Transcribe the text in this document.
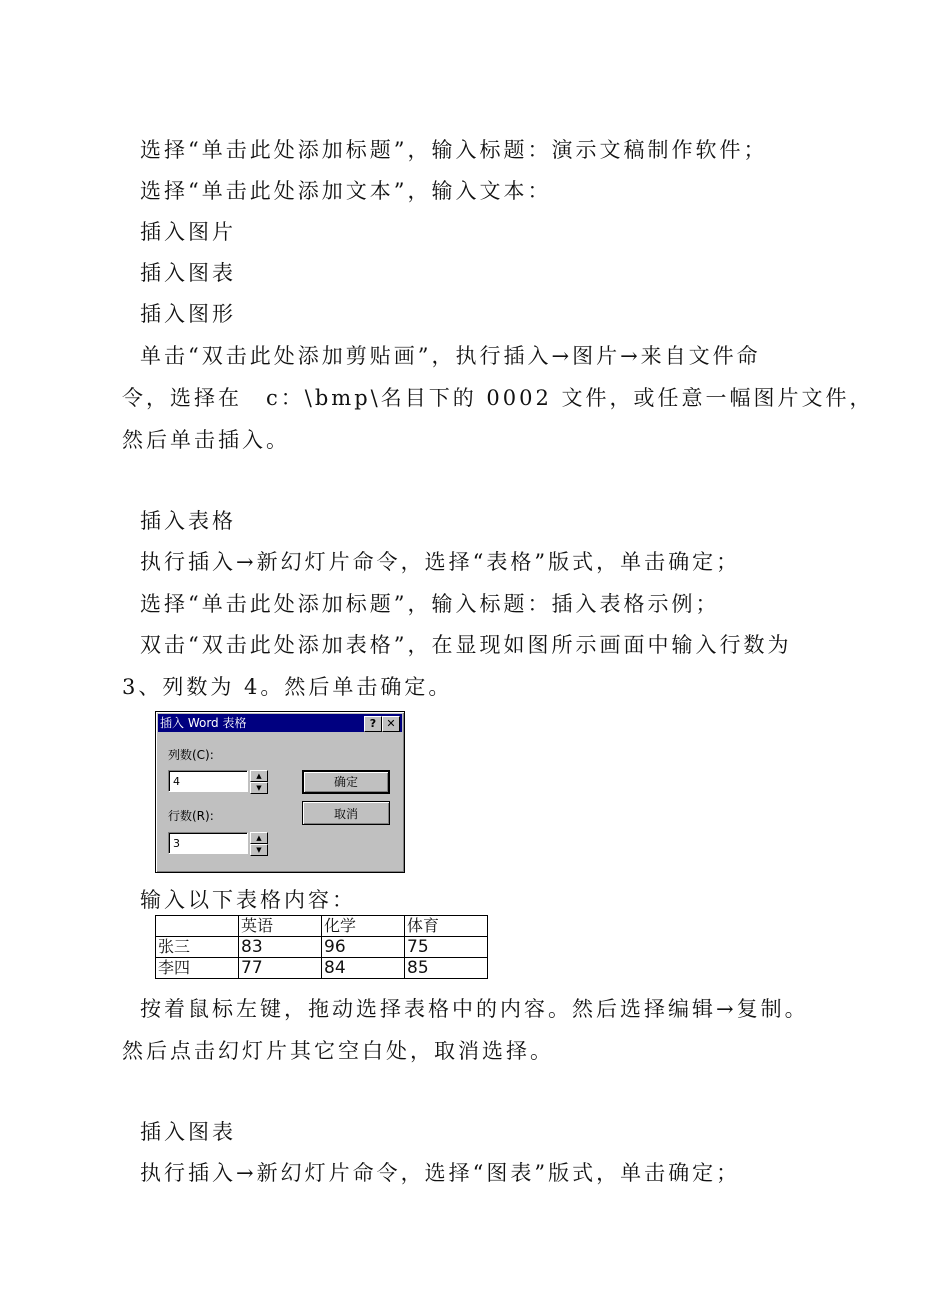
选择“单击此处添加标题”，输入标题：演示文稿制作软件；
选择“单击此处添加文本”，输入文本：
插入图片
插入图表
插入图形
单击“双击此处添加剪贴画”，执行插入→图片→来自文件命
令，选择在　c：\bmp\名目下的 0002 文件，或任意一幅图片文件，
然后单击插入。
插入表格
执行插入→新幻灯片命令，选择“表格”版式，单击确定；
选择“单击此处添加标题”，输入标题：插入表格示例；
双击“双击此处添加表格”，在显现如图所示画面中输入行数为
3、列数为 4。然后单击确定。
插入 Word 表格	? ✕
列数(C):
4	▲
▼
行数(R):
3	▲
▼
确定
取消
输入以下表格内容：
	英语	化学	体育
张三	83	96	75
李四	77	84	85
按着鼠标左键，拖动选择表格中的内容。然后选择编辑→复制。
然后点击幻灯片其它空白处，取消选择。
插入图表
执行插入→新幻灯片命令，选择“图表”版式，单击确定；
